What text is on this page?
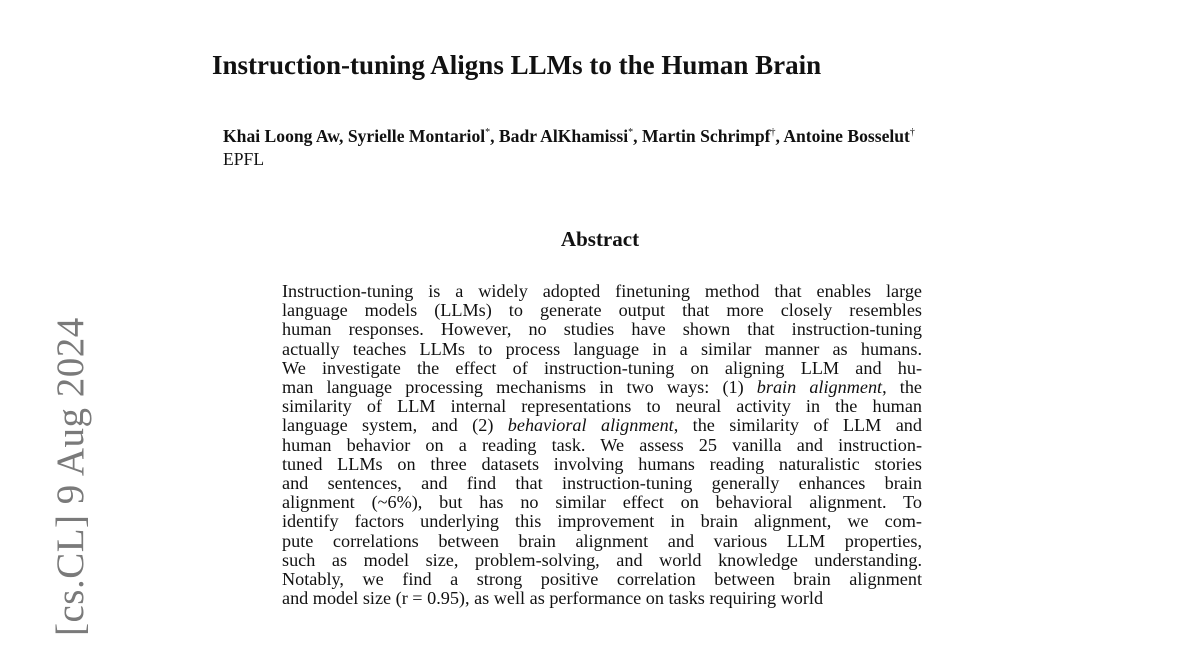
[cs.CL] 9 Aug 2024
Instruction-tuning Aligns LLMs to the Human Brain
Khai Loong Aw, Syrielle Montariol*, Badr AlKhamissi*, Martin Schrimpf†, Antoine Bosselut†
EPFL
Abstract
Instruction-tuning is a widely adopted finetuning method that enables large
language models (LLMs) to generate output that more closely resembles
human responses. However, no studies have shown that instruction-tuning
actually teaches LLMs to process language in a similar manner as humans.
We investigate the effect of instruction-tuning on aligning LLM and hu-
man language processing mechanisms in two ways: (1) brain alignment, the
similarity of LLM internal representations to neural activity in the human
language system, and (2) behavioral alignment, the similarity of LLM and
human behavior on a reading task. We assess 25 vanilla and instruction-
tuned LLMs on three datasets involving humans reading naturalistic stories
and sentences, and find that instruction-tuning generally enhances brain
alignment (~6%), but has no similar effect on behavioral alignment. To
identify factors underlying this improvement in brain alignment, we com-
pute correlations between brain alignment and various LLM properties,
such as model size, problem-solving, and world knowledge understanding.
Notably, we find a strong positive correlation between brain alignment
and model size (r = 0.95), as well as performance on tasks requiring world
